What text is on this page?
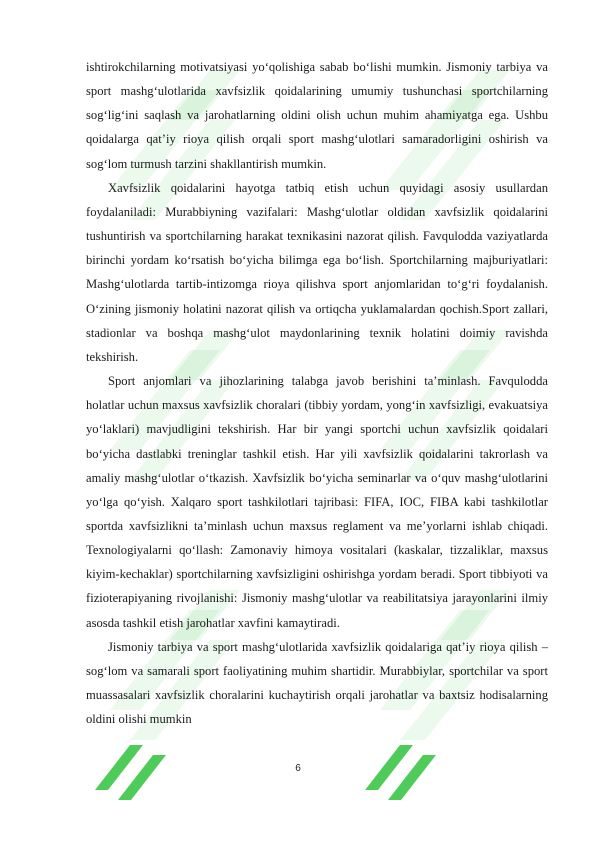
ishtirokchilarning motivatsiyasi yo‘qolishiga sabab bo‘lishi mumkin. Jismoniy tarbiya va sport mashg‘ulotlarida xavfsizlik qoidalarining umumiy tushunchasi sportchilarning sog‘lig‘ini saqlash va jarohatlarning oldini olish uchun muhim ahamiyatga ega. Ushbu qoidalarga qat’iy rioya qilish orqali sport mashg‘ulotlari samaradorligini oshirish va sog‘lom turmush tarzini shakllantirish mumkin.

Xavfsizlik qoidalarini hayotga tatbiq etish uchun quyidagi asosiy usullardan foydalaniladi: Murabbiyning vazifalari: Mashg‘ulotlar oldidan xavfsizlik qoidalarini tushuntirish va sportchilarning harakat texnikasini nazorat qilish. Favqulodda vaziyatlarda birinchi yordam ko‘rsatish bo‘yicha bilimga ega bo‘lish. Sportchilarning majburiyatlari: Mashg‘ulotlarda tartib-intizomga rioya qilishva sport anjomlaridan to‘g‘ri foydalanish. O‘zining jismoniy holatini nazorat qilish va ortiqcha yuklamalardan qochish.Sport zallari, stadionlar va boshqa mashg‘ulot maydonlarining texnik holatini doimiy ravishda tekshirish.

Sport anjomlari va jihozlarining talabga javob berishini ta’minlash. Favqulodda holatlar uchun maxsus xavfsizlik choralari (tibbiy yordam, yong‘in xavfsizligi, evakuatsiya yo‘laklari) mavjudligini tekshirish. Har bir yangi sportchi uchun xavfsizlik qoidalari bo‘yicha dastlabki treninglar tashkil etish. Har yili xavfsizlik qoidalarini takrorlash va amaliy mashg‘ulotlar o‘tkazish. Xavfsizlik bo‘yicha seminarlar va o‘quv mashg‘ulotlarini yo‘lga qo‘yish. Xalqaro sport tashkilotlari tajribasi: FIFA, IOC, FIBA kabi tashkilotlar sportda xavfsizlikni ta’minlash uchun maxsus reglament va me’yorlarni ishlab chiqadi. Texnologiyalarni qo‘llash: Zamonaviy himoya vositalari (kaskalar, tizzaliklar, maxsus kiyim-kechaklar) sportchilarning xavfsizligini oshirishga yordam beradi. Sport tibbiyoti va fizioterapiyaning rivojlanishi: Jismoniy mashg‘ulotlar va reabilitatsiya jarayonlarini ilmiy asosda tashkil etish jarohatlar xavfini kamaytiradi.

Jismoniy tarbiya va sport mashg‘ulotlarida xavfsizlik qoidalariga qat’iy rioya qilish – sog‘lom va samarali sport faoliyatining muhim shartidir. Murabbiylar, sportchilar va sport muassasalari xavfsizlik choralarini kuchaytirish orqali jarohatlar va baxtsiz hodisalarning oldini olishi mumkin

6
